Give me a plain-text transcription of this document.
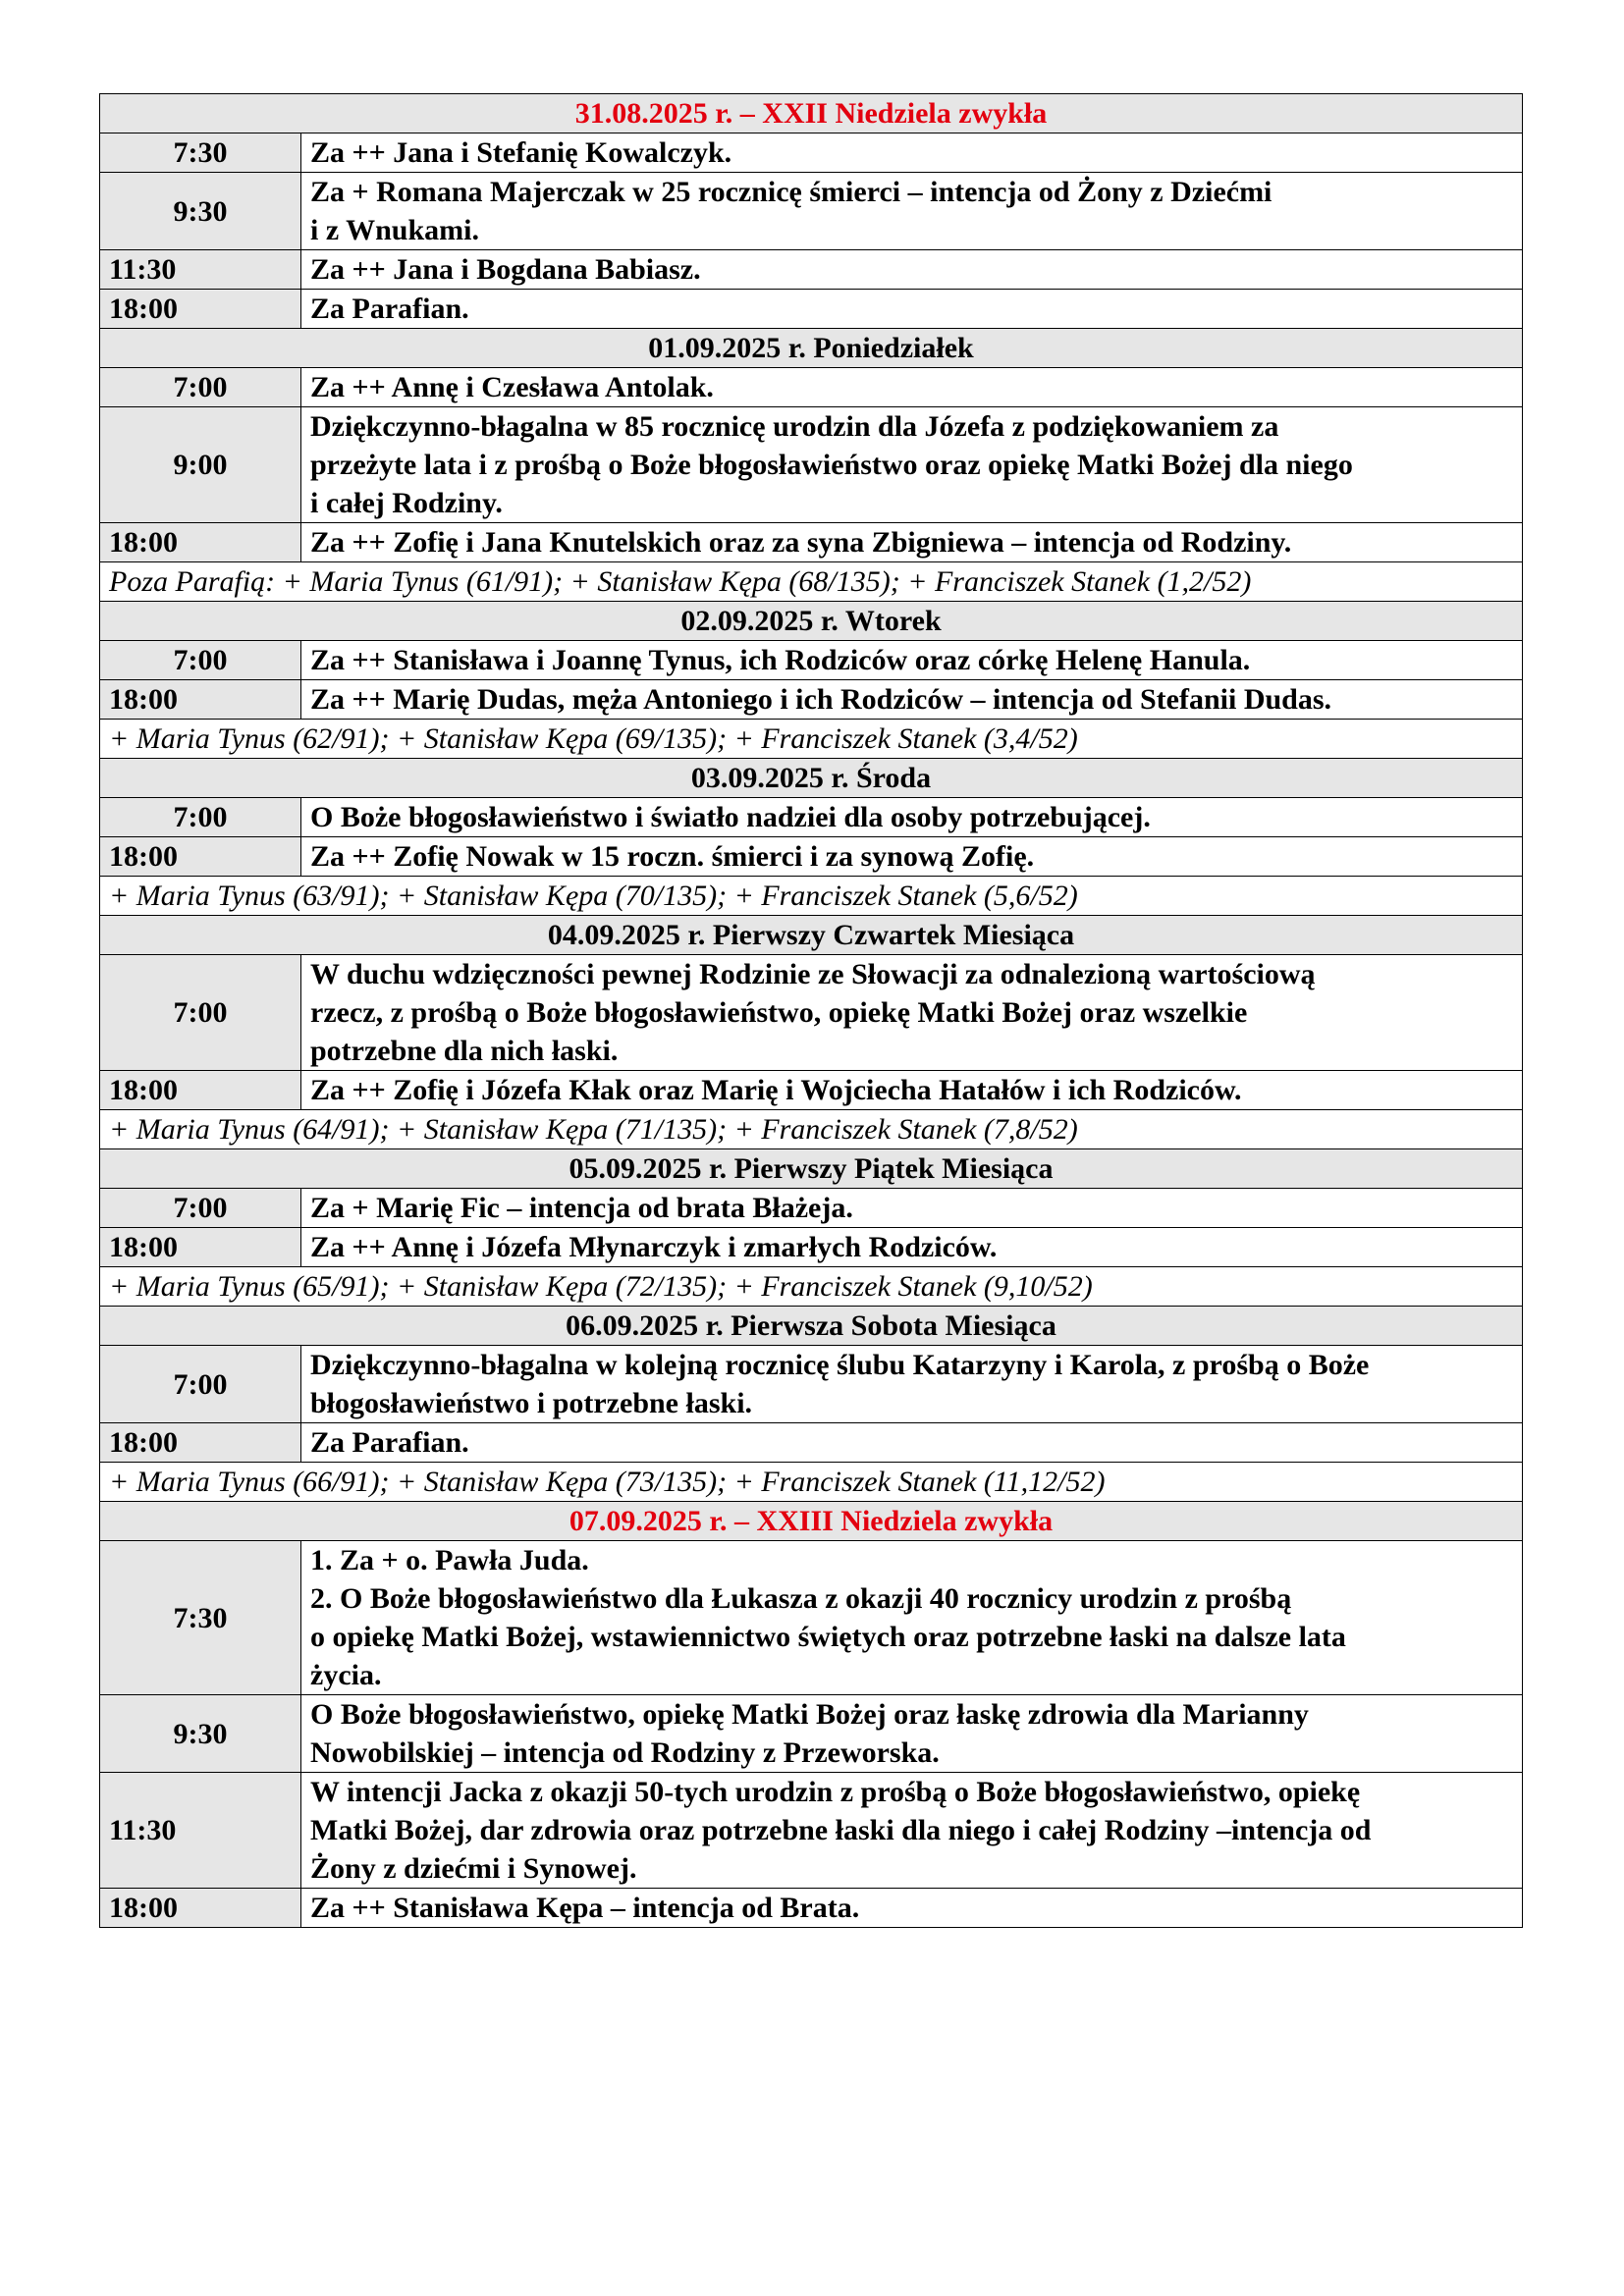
31.08.2025 r. – XXII Niedziela zwykła	
7:30	Za ++ Jana i Stefanię Kowalczyk.

9:30	Za + Romana Majerczak w 25 rocznicę śmierci – intencja od Żony z Dziećmi
i z Wnukami.

11:30	Za ++ Jana i Bogdana Babiasz.

18:00	Za Parafian.

01.09.2025 r. Poniedziałek	
7:00	Za ++ Annę i Czesława Antolak.

9:00	Dziękczynno-błagalna w 85 rocznicę urodzin dla Józefa z podziękowaniem za
przeżyte lata i z prośbą o Boże błogosławieństwo oraz opiekę Matki Bożej dla niego
i całej Rodziny.

18:00	Za ++ Zofię i Jana Knutelskich oraz za syna Zbigniewa – intencja od Rodziny.

Poza Parafią: + Maria Tynus (61/91); + Stanisław Kępa (68/135); + Franciszek Stanek (1,2/52)	
02.09.2025 r. Wtorek	
7:00	Za ++ Stanisława i Joannę Tynus, ich Rodziców oraz córkę Helenę Hanula.

18:00	Za ++ Marię Dudas, męża Antoniego i ich Rodziców – intencja od Stefanii Dudas.

+ Maria Tynus (62/91); + Stanisław Kępa (69/135); + Franciszek Stanek (3,4/52)	
03.09.2025 r. Środa	
7:00	O Boże błogosławieństwo i światło nadziei dla osoby potrzebującej.

18:00	Za ++ Zofię Nowak w 15 roczn. śmierci i za synową Zofię.

+ Maria Tynus (63/91); + Stanisław Kępa (70/135); + Franciszek Stanek (5,6/52)	
04.09.2025 r. Pierwszy Czwartek Miesiąca	
7:00	W duchu wdzięczności pewnej Rodzinie ze Słowacji za odnalezioną wartościową
rzecz, z prośbą o Boże błogosławieństwo, opiekę Matki Bożej oraz wszelkie
potrzebne dla nich łaski.

18:00	Za ++ Zofię i Józefa Kłak oraz Marię i Wojciecha Hatałów i ich Rodziców.

+ Maria Tynus (64/91); + Stanisław Kępa (71/135); + Franciszek Stanek (7,8/52)	
05.09.2025 r. Pierwszy Piątek Miesiąca	
7:00	Za + Marię Fic – intencja od brata Błażeja.

18:00	Za ++ Annę i Józefa Młynarczyk i zmarłych Rodziców.

+ Maria Tynus (65/91); + Stanisław Kępa (72/135); + Franciszek Stanek (9,10/52)	
06.09.2025 r. Pierwsza Sobota Miesiąca	
7:00	Dziękczynno-błagalna w kolejną rocznicę ślubu Katarzyny i Karola, z prośbą o Boże
błogosławieństwo i potrzebne łaski.

18:00	Za Parafian.

+ Maria Tynus (66/91); + Stanisław Kępa (73/135); + Franciszek Stanek (11,12/52)	
07.09.2025 r. – XXIII Niedziela zwykła	
7:30	1. Za + o. Pawła Juda.
2. O Boże błogosławieństwo dla Łukasza z okazji 40 rocznicy urodzin z prośbą
o opiekę Matki Bożej, wstawiennictwo świętych oraz potrzebne łaski na dalsze lata
życia.

9:30	O Boże błogosławieństwo, opiekę Matki Bożej oraz łaskę zdrowia dla Marianny
Nowobilskiej – intencja od Rodziny z Przeworska.

11:30	W intencji Jacka z okazji 50-tych urodzin z prośbą o Boże błogosławieństwo, opiekę
Matki Bożej, dar zdrowia oraz potrzebne łaski dla niego i całej Rodziny –intencja od
Żony z dziećmi i Synowej.

18:00	Za ++ Stanisława Kępa – intencja od Brata.
